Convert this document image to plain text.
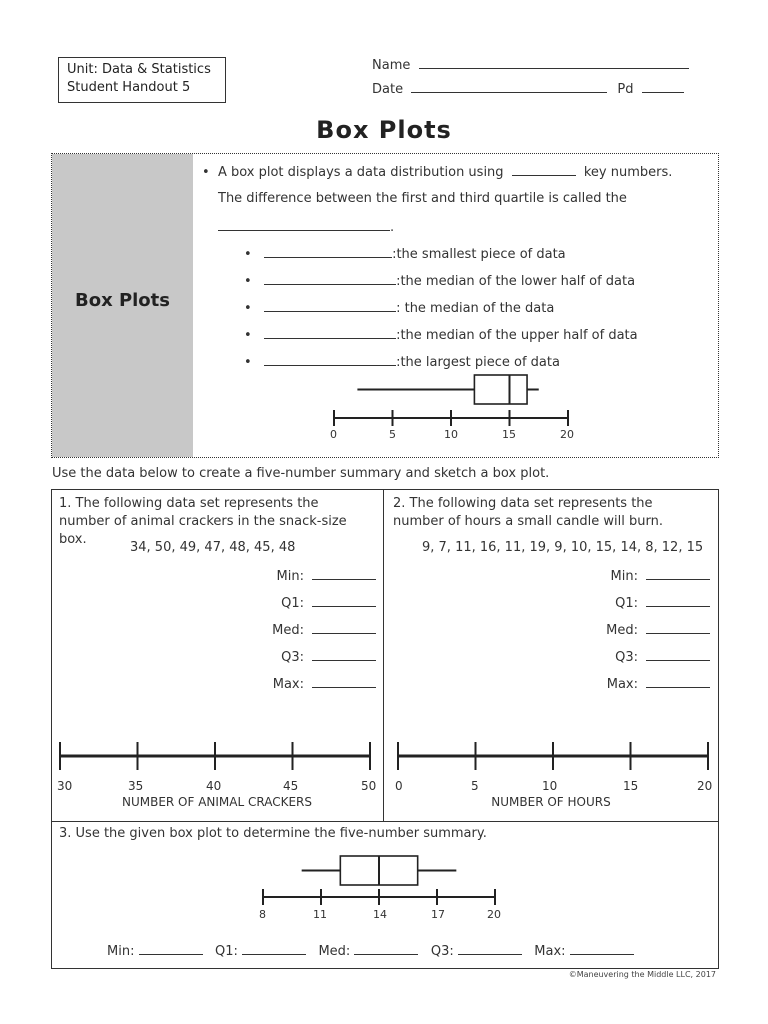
Unit: Data & Statistics
Student Handout 5
Name
Date	Pd
Box Plots
Box Plots
•  A box plot displays a data distribution using	key numbers.
The difference between the first and third quartile is called the
.
•	:the smallest piece of data
•	:the median of the lower half of data
•	: the median of the data
•	:the median of the upper half of data
•	:the largest piece of data
0	5	10	15	20
Use the data below to create a five-number summary and sketch a box plot.
1. The following data set represents the
number of animal crackers in the snack-size
box.
34, 50, 49, 47, 48, 45, 48
2. The following data set represents the
number of hours a small candle will burn.
9, 7, 11, 16, 11, 19, 9, 10, 15, 14, 8, 12, 15
Min:
Q1:
Med:
Q3:
Max:
Min:
Q1:
Med:
Q3:
Max:
30	35	40	45	50
NUMBER OF ANIMAL CRACKERS
0	5	10	15	20
NUMBER OF HOURS
3. Use the given box plot to determine the five-number summary.
8	11	14	17	20
Min:	Q1:	Med:	Q3:	Max:
©Maneuvering the Middle LLC, 2017
